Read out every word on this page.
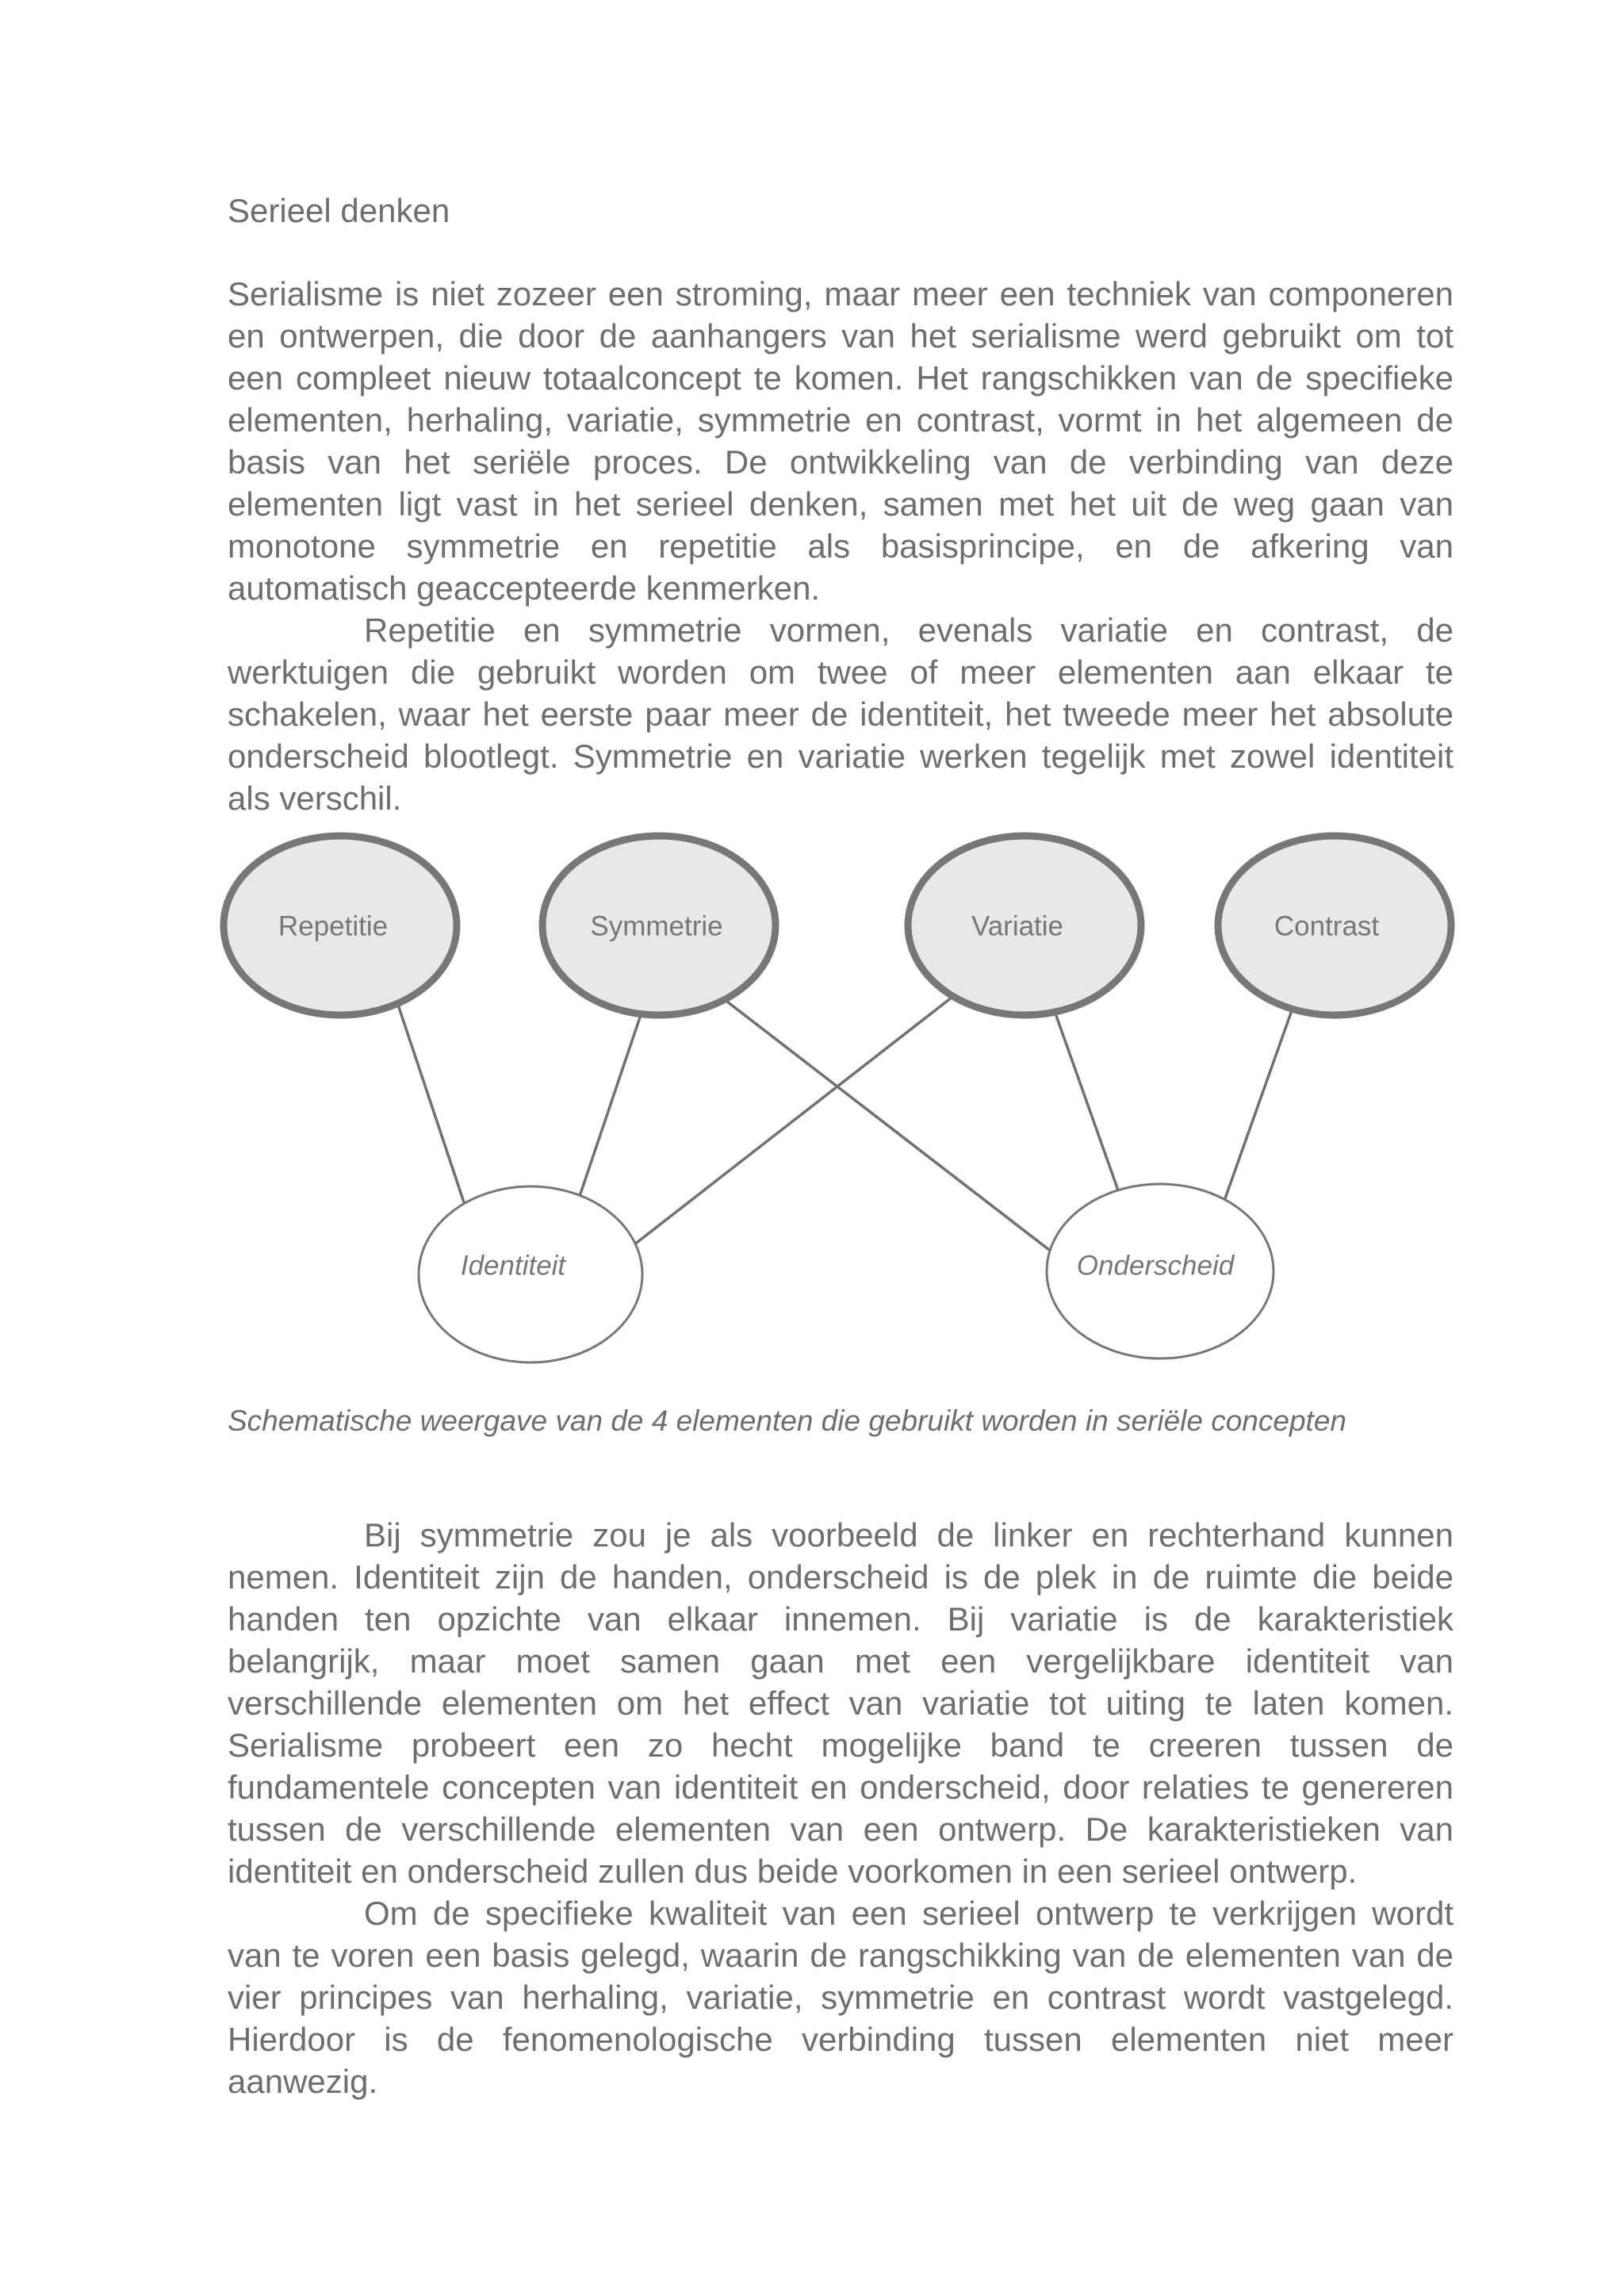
Serieel denken
Serialisme is niet zozeer een stroming, maar meer een techniek van componeren
en ontwerpen, die door de aanhangers van het serialisme werd gebruikt om tot
een compleet nieuw totaalconcept te komen. Het rangschikken van de specifieke
elementen, herhaling, variatie, symmetrie en contrast, vormt in het algemeen de
basis van het seriële proces. De ontwikkeling van de verbinding van deze
elementen ligt vast in het serieel denken, samen met het uit de weg gaan van
monotone symmetrie en repetitie als basisprincipe, en de afkering van
automatisch geaccepteerde kenmerken.
Repetitie en symmetrie vormen, evenals variatie en contrast, de
werktuigen die gebruikt worden om twee of meer elementen aan elkaar te
schakelen, waar het eerste paar meer de identiteit, het tweede meer het absolute
onderscheid blootlegt. Symmetrie en variatie werken tegelijk met zowel identiteit
als verschil.
Repetitie	Symmetrie	Variatie	Contrast
Identiteit	Onderscheid
Schematische weergave van de 4 elementen die gebruikt worden in seriële concepten
Bij symmetrie zou je als voorbeeld de linker en rechterhand kunnen
nemen. Identiteit zijn de handen, onderscheid is de plek in de ruimte die beide
handen ten opzichte van elkaar innemen. Bij variatie is de karakteristiek
belangrijk, maar moet samen gaan met een vergelijkbare identiteit van
verschillende elementen om het effect van variatie tot uiting te laten komen.
Serialisme probeert een zo hecht mogelijke band te creeren tussen de
fundamentele concepten van identiteit en onderscheid, door relaties te genereren
tussen de verschillende elementen van een ontwerp. De karakteristieken van
identiteit en onderscheid zullen dus beide voorkomen in een serieel ontwerp.
Om de specifieke kwaliteit van een serieel ontwerp te verkrijgen wordt
van te voren een basis gelegd, waarin de rangschikking van de elementen van de
vier principes van herhaling, variatie, symmetrie en contrast wordt vastgelegd.
Hierdoor is de fenomenologische verbinding tussen elementen niet meer
aanwezig.
